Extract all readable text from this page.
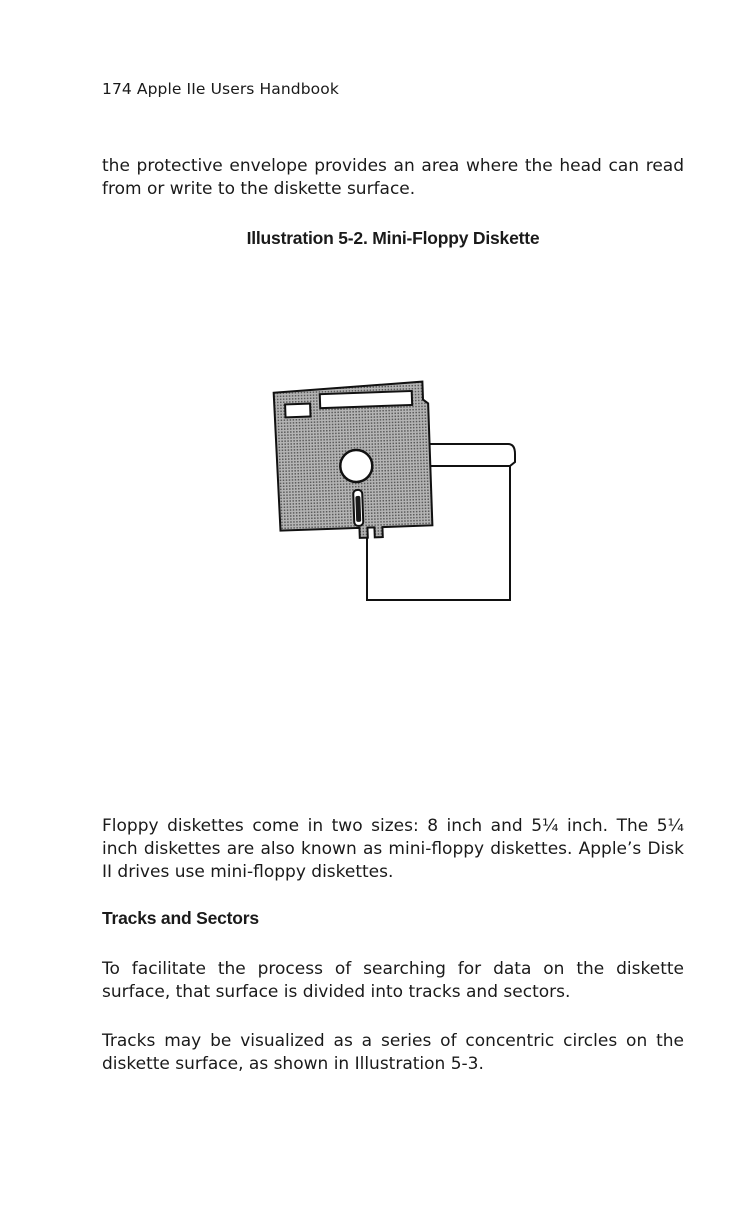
174 Apple IIe Users Handbook

the protective envelope provides an area where the head can read from or write to the diskette surface.

Illustration 5-2. Mini-Floppy Diskette

Floppy diskettes come in two sizes: 8 inch and 5¼ inch. The 5¼ inch diskettes are also known as mini-floppy diskettes. Apple’s Disk II drives use mini-floppy diskettes.

Tracks and Sectors

To facilitate the process of searching for data on the diskette surface, that surface is divided into tracks and sectors.

Tracks may be visualized as a series of concentric circles on the diskette surface, as shown in Illustration 5-3.
